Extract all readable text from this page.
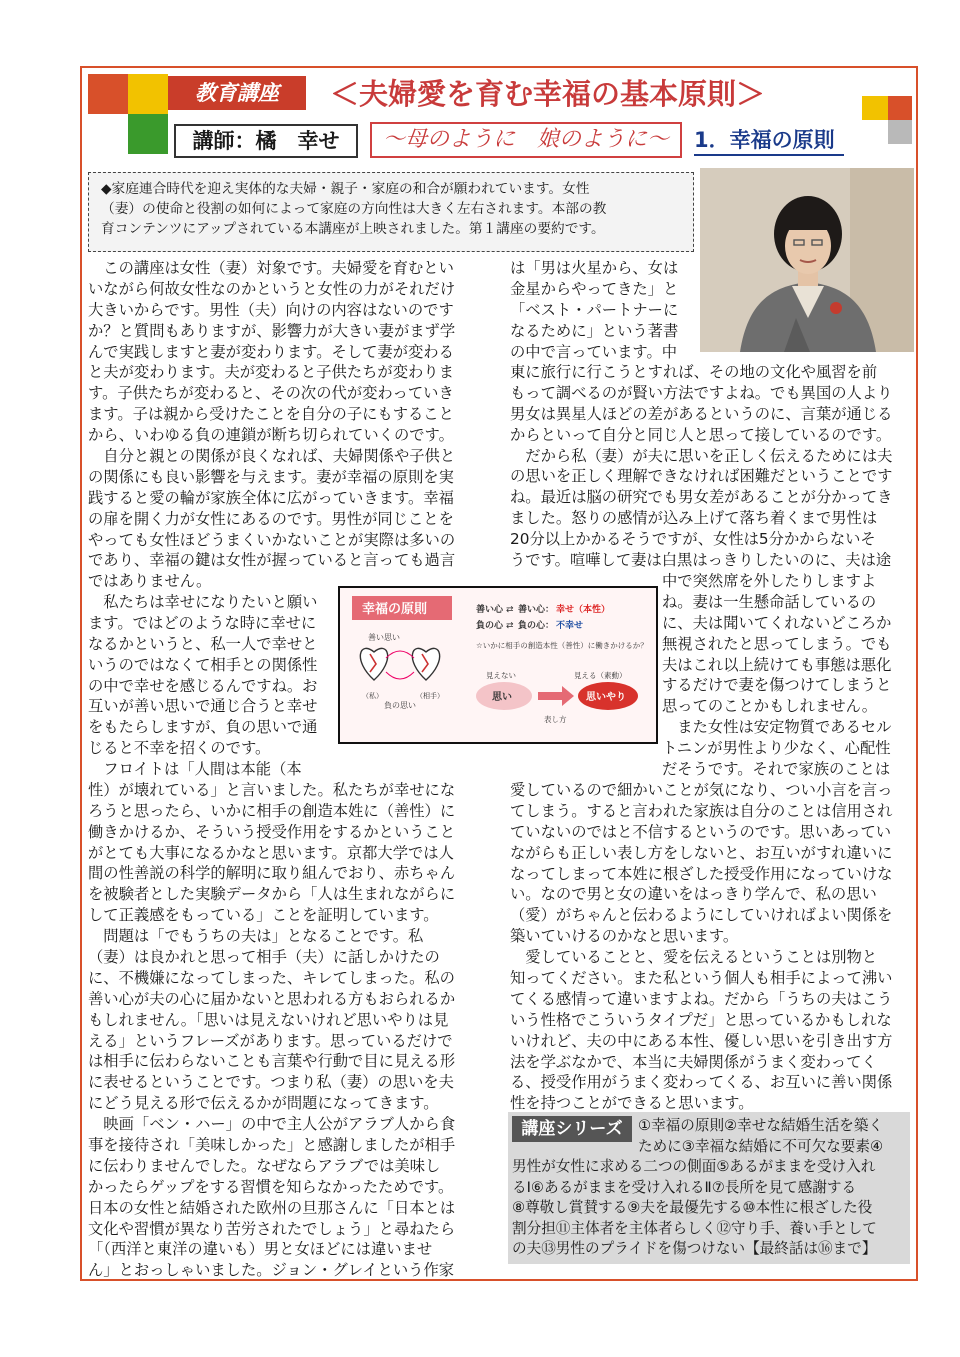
教育講座	＜夫婦愛を育む幸福の基本原則＞
講師：橘　幸せ	～母のように　娘のように～	1．幸福の原則
◆家庭連合時代を迎え実体的な夫婦・親子・家庭の和合が願われています。女性
（妻）の使命と役割の如何によって家庭の方向性は大きく左右されます。本部の教
育コンテンツにアップされている本講座が上映されました。第１講座の要約です。
　この講座は女性（妻）対象です。夫婦愛を育むとい
いながら何故女性なのかというと女性の力がそれだけ
大きいからです。男性（夫）向けの内容はないのです
か？と質問もありますが、影響力が大きい妻がまず学
んで実践しますと妻が変わります。そして妻が変わる
と夫が変わります。夫が変わると子供たちが変わりま
す。子供たちが変わると、その次の代が変わっていき
ます。子は親から受けたことを自分の子にもすること
から、いわゆる負の連鎖が断ち切られていくのです。
　自分と親との関係が良くなれば、夫婦関係や子供と
の関係にも良い影響を与えます。妻が幸福の原則を実
践すると愛の輪が家族全体に広がっていきます。幸福
の扉を開く力が女性にあるのです。男性が同じことを
やっても女性ほどうまくいかないことが実際は多いの
であり、幸福の鍵は女性が握っていると言っても過言
ではありません。
　私たちは幸せになりたいと願い
ます。ではどのような時に幸せに
なるかというと、私一人で幸せと
いうのではなくて相手との関係性
の中で幸せを感じるんですね。お
互いが善い思いで通じ合うと幸せ
をもたらしますが、負の思いで通
じると不幸を招くのです。
　フロイトは「人間は本能（本
性）が壊れている」と言いました。私たちが幸せにな
ろうと思ったら、いかに相手の創造本姓に（善性）に
働きかけるか、そういう授受作用をするかということ
がとても大事になるかなと思います。京都大学では人
間の性善説の科学的解明に取り組んでおり、赤ちゃん
を被験者とした実験データから「人は生まれながらに
して正義感をもっている」ことを証明しています。
　問題は「でもうちの夫は」となることです。私
（妻）は良かれと思って相手（夫）に話しかけたの
に、不機嫌になってしまった、キレてしまった。私の
善い心が夫の心に届かないと思われる方もおられるか
もしれません。「思いは見えないけれど思いやりは見
える」というフレーズがあります。思っているだけで
は相手に伝わらないことも言葉や行動で目に見える形
に表せるということです。つまり私（妻）の思いを夫
にどう見える形で伝えるかが問題になってきます。
　映画「ベン・ハー」の中で主人公がアラブ人から食
事を接待され「美味しかった」と感謝しましたが相手
に伝わりませんでした。なぜならアラブでは美味し
かったらゲップをする習慣を知らなかったためです。
日本の女性と結婚された欧州の旦那さんに「日本とは
文化や習慣が異なり苦労されたでしょう」と尋ねたら
「（西洋と東洋の違いも）男と女ほどには違いませ
ん」とおっしゃいました。ジョン・グレイという作家
は「男は火星から、女は
金星からやってきた」と
「ベスト・パートナーに
なるために」という著書
の中で言っています。中
東に旅行に行こうとすれば、その地の文化や風習を前
もって調べるのが賢い方法ですよね。でも異国の人より
男女は異星人ほどの差があるというのに、言葉が通じる
からといって自分と同じ人と思って接しているのです。
　だから私（妻）が夫に思いを正しく伝えるためには夫
の思いを正しく理解できなければ困難だということです
ね。最近は脳の研究でも男女差があることが分かってき
ました。怒りの感情が込み上げて落ち着くまで男性は
20分以上かかるそうですが、女性は5分かからないそ
うです。喧嘩して妻は白黒はっきりしたいのに、夫は途
中で突然席を外したりしますよ
ね。妻は一生懸命話しているの
に、夫は聞いてくれないどころか
無視されたと思ってしまう。でも
夫はこれ以上続けても事態は悪化
するだけで妻を傷つけてしまうと
思ってのことかもしれません。
　また女性は安定物質であるセル
トニンが男性より少なく、心配性
だそうです。それで家族のことは
愛しているので細かいことが気になり、つい小言を言っ
てしまう。すると言われた家族は自分のことは信用され
ていないのではと不信するというのです。思いあってい
ながらも正しい表し方をしないと、お互いがすれ違いに
なってしまって本姓に根ざした授受作用になっていけな
い。なので男と女の違いをはっきり学んで、私の思い
（愛）がちゃんと伝わるようにしていければよい関係を
築いていけるのかなと思います。
　愛していることと、愛を伝えるということは別物と
知ってください。また私という個人も相手によって沸い
てくる感情って違いますよね。だから「うちの夫はこう
いう性格でこういうタイプだ」と思っているかもしれな
いけれど、夫の中にある本性、優しい思いを引き出す方
法を学ぶなかで、本当に夫婦関係がうまく変わってく
る、授受作用がうまく変わってくる、お互いに善い関係
性を持つことができると思います。
幸福の原則
善い思い
（私）	（相手）
負の思い
善い心 ⇄ 善い心： 幸せ（本性）
負の心 ⇄ 負の心： 不幸せ
☆いかに相手の創造本性（善性）に働きかけるか？
見えない	見える（素動）
思い	思いやり
表し方
講座シリーズ	①幸福の原則②幸せな結婚生活を築く
ために③幸福な結婚に不可欠な要素④
男性が女性に求める二つの側面⑤あるがままを受け入れ
るⅠ⑥あるがままを受け入れるⅡ⑦長所を見て感謝する
⑧尊敬し賞賛する⑨夫を最優先する⑩本性に根ざした役
割分担⑪主体者を主体者らしく⑫守り手、養い手として
の夫⑬男性のプライドを傷つけない【最終話は⑯まで】
